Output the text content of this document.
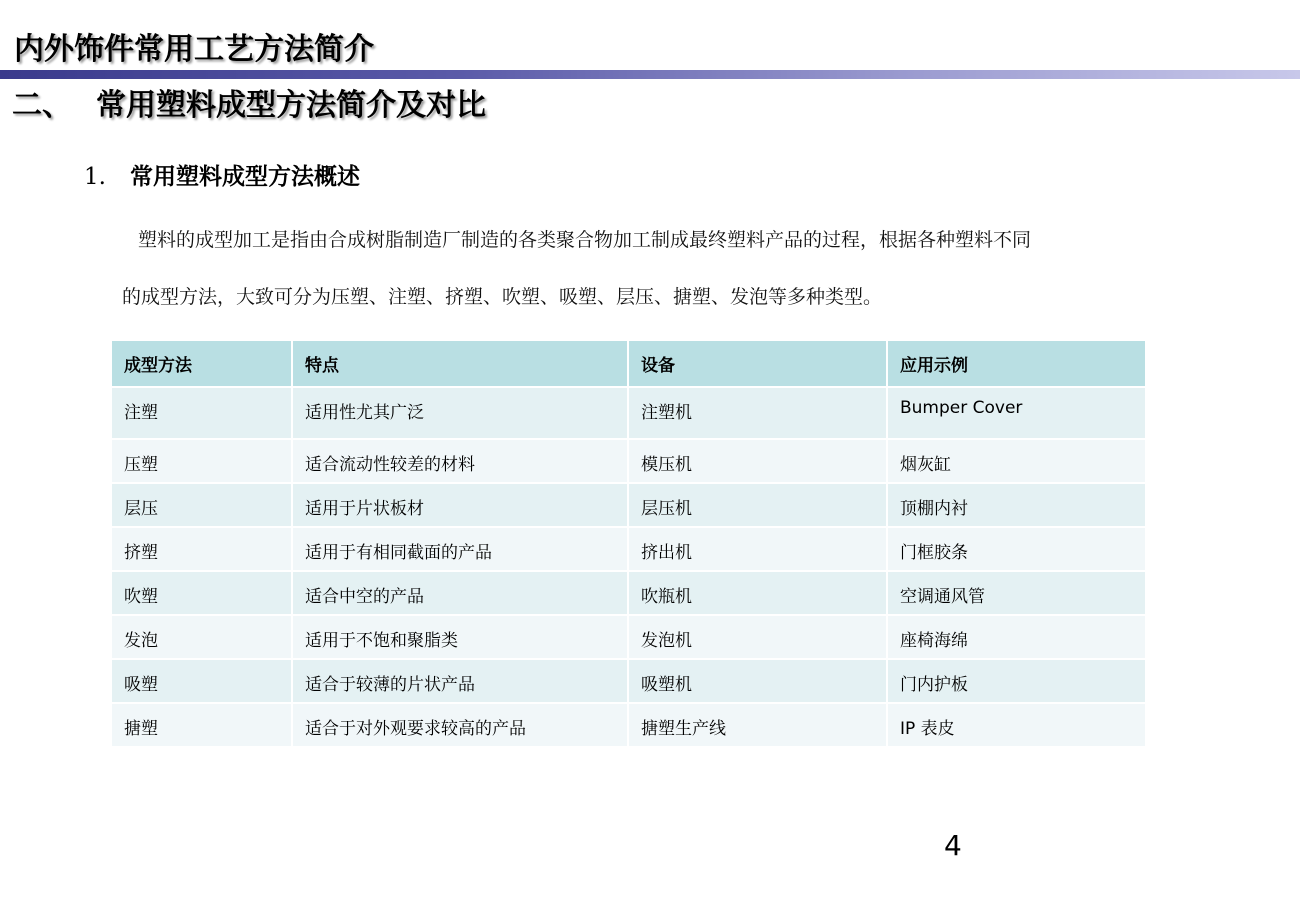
内外饰件常用工艺方法简介
二、 常用塑料成型方法简介及对比
1. 常用塑料成型方法概述
塑料的成型加工是指由合成树脂制造厂制造的各类聚合物加工制成最终塑料产品的过程，根据各种塑料不同
的成型方法，大致可分为压塑、注塑、挤塑、吹塑、吸塑、层压、搪塑、发泡等多种类型。
成型方法	特点	设备	应用示例
注塑	适用性尤其广泛	注塑机	Bumper Cover
压塑	适合流动性较差的材料	模压机	烟灰缸
层压	适用于片状板材	层压机	顶棚内衬
挤塑	适用于有相同截面的产品	挤出机	门框胶条
吹塑	适合中空的产品	吹瓶机	空调通风管
发泡	适用于不饱和聚脂类	发泡机	座椅海绵
吸塑	适合于较薄的片状产品	吸塑机	门内护板
搪塑	适合于对外观要求较高的产品	搪塑生产线	IP 表皮
4
